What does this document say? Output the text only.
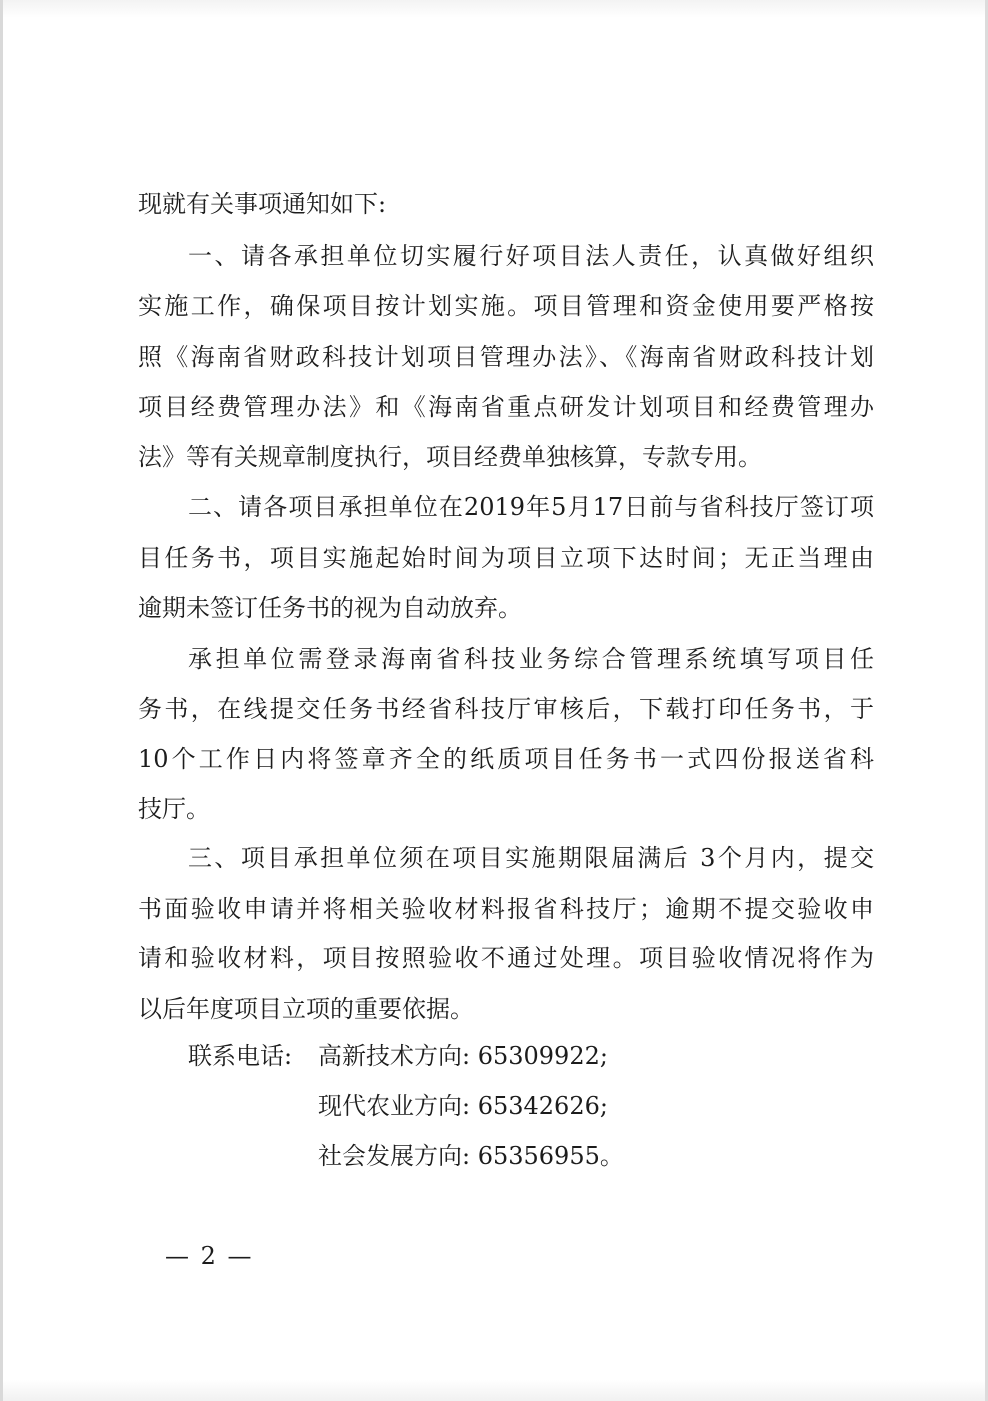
现就有关事项通知如下:
一、请各承担单位切实履行好项目法人责任，认真做好组织
实施工作，确保项目按计划实施。项目管理和资金使用要严格按
照《海南省财政科技计划项目管理办法》、《海南省财政科技计划
项目经费管理办法》和《海南省重点研发计划项目和经费管理办
法》等有关规章制度执行，项目经费单独核算，专款专用。
二、请各项目承担单位在2019年5月17日前与省科技厅签订项
目任务书，项目实施起始时间为项目立项下达时间；无正当理由
逾期未签订任务书的视为自动放弃。
承担单位需登录海南省科技业务综合管理系统填写项目任
务书，在线提交任务书经省科技厅审核后，下载打印任务书，于
10个工作日内将签章齐全的纸质项目任务书一式四份报送省科
技厅。
三、项目承担单位须在项目实施期限届满后 3个月内，提交
书面验收申请并将相关验收材料报省科技厅；逾期不提交验收申
请和验收材料，项目按照验收不通过处理。项目验收情况将作为
以后年度项目立项的重要依据。
联系电话: 高新技术方向: 65309922;
现代农业方向: 65342626;
社会发展方向: 65356955。
— 2 —
